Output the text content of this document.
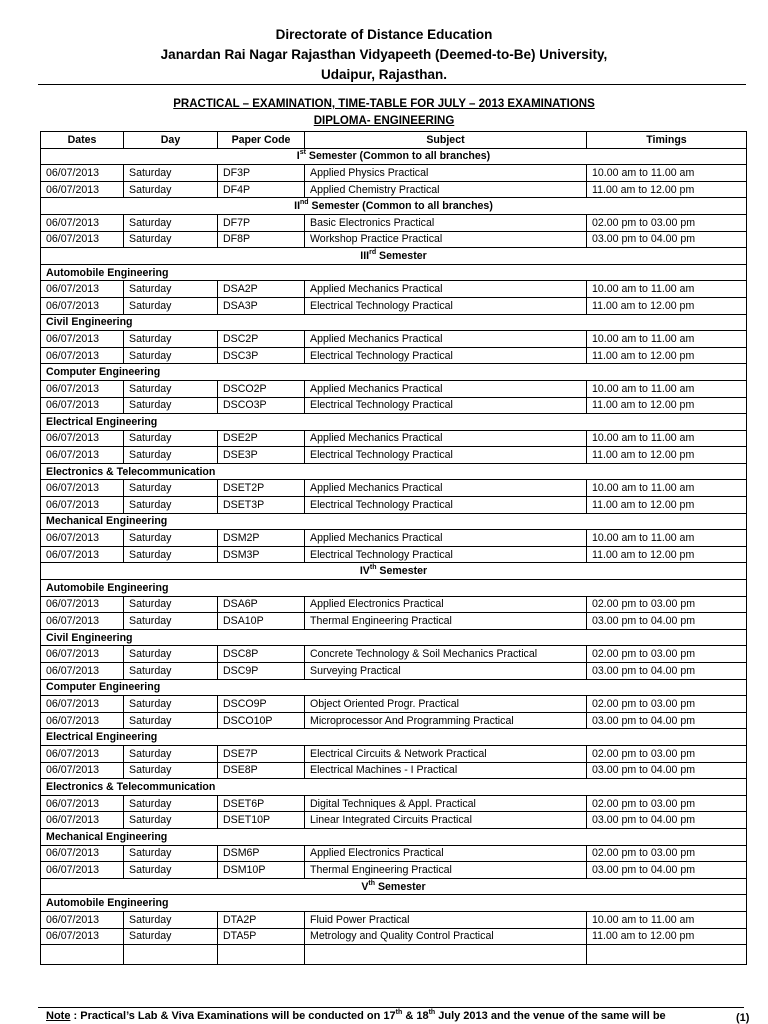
Directorate of Distance Education
Janardan Rai Nagar Rajasthan Vidyapeeth (Deemed-to-Be) University,
Udaipur, Rajasthan.
PRACTICAL – EXAMINATION, TIME-TABLE FOR JULY – 2013 EXAMINATIONS
DIPLOMA- ENGINEERING
Dates	Day	Paper Code	Subject	Timings
Ist Semester (Common to all branches)				
06/07/2013	Saturday	DF3P	Applied Physics Practical	10.00 am to 11.00 am
06/07/2013	Saturday	DF4P	Applied Chemistry Practical	11.00 am to 12.00 pm
IInd Semester (Common to all branches)				
06/07/2013	Saturday	DF7P	Basic Electronics Practical	02.00 pm to 03.00 pm
06/07/2013	Saturday	DF8P	Workshop Practice Practical	03.00 pm to 04.00 pm
IIIrd Semester				
Automobile Engineering				
06/07/2013	Saturday	DSA2P	Applied Mechanics Practical	10.00 am to 11.00 am
06/07/2013	Saturday	DSA3P	Electrical Technology Practical	11.00 am to 12.00 pm
Civil Engineering				
06/07/2013	Saturday	DSC2P	Applied Mechanics Practical	10.00 am to 11.00 am
06/07/2013	Saturday	DSC3P	Electrical Technology Practical	11.00 am to 12.00 pm
Computer Engineering				
06/07/2013	Saturday	DSCO2P	Applied Mechanics Practical	10.00 am to 11.00 am
06/07/2013	Saturday	DSCO3P	Electrical Technology Practical	11.00 am to 12.00 pm
Electrical Engineering				
06/07/2013	Saturday	DSE2P	Applied Mechanics Practical	10.00 am to 11.00 am
06/07/2013	Saturday	DSE3P	Electrical Technology Practical	11.00 am to 12.00 pm
Electronics & Telecommunication				
06/07/2013	Saturday	DSET2P	Applied Mechanics Practical	10.00 am to 11.00 am
06/07/2013	Saturday	DSET3P	Electrical Technology Practical	11.00 am to 12.00 pm
Mechanical Engineering				
06/07/2013	Saturday	DSM2P	Applied Mechanics Practical	10.00 am to 11.00 am
06/07/2013	Saturday	DSM3P	Electrical Technology Practical	11.00 am to 12.00 pm
IVth Semester				
Automobile Engineering				
06/07/2013	Saturday	DSA6P	Applied Electronics Practical	02.00 pm to 03.00 pm
06/07/2013	Saturday	DSA10P	Thermal Engineering Practical	03.00 pm to 04.00 pm
Civil Engineering				
06/07/2013	Saturday	DSC8P	Concrete Technology & Soil Mechanics Practical	02.00 pm to 03.00 pm
06/07/2013	Saturday	DSC9P	Surveying Practical	03.00 pm to 04.00 pm
Computer Engineering				
06/07/2013	Saturday	DSCO9P	Object Oriented Progr. Practical	02.00 pm to 03.00 pm
06/07/2013	Saturday	DSCO10P	Microprocessor And Programming Practical	03.00 pm to 04.00 pm
Electrical Engineering				
06/07/2013	Saturday	DSE7P	Electrical Circuits & Network Practical	02.00 pm to 03.00 pm
06/07/2013	Saturday	DSE8P	Electrical Machines - I Practical	03.00 pm to 04.00 pm
Electronics & Telecommunication				
06/07/2013	Saturday	DSET6P	Digital Techniques & Appl. Practical	02.00 pm to 03.00 pm
06/07/2013	Saturday	DSET10P	Linear Integrated Circuits Practical	03.00 pm to 04.00 pm
Mechanical Engineering				
06/07/2013	Saturday	DSM6P	Applied Electronics Practical	02.00 pm to 03.00 pm
06/07/2013	Saturday	DSM10P	Thermal Engineering Practical	03.00 pm to 04.00 pm
Vth Semester				
Automobile Engineering				
06/07/2013	Saturday	DTA2P	Fluid Power Practical	10.00 am to 11.00 am
06/07/2013	Saturday	DTA5P	Metrology and Quality Control Practical	11.00 am to 12.00 pm

Note : Practical’s Lab & Viva Examinations will be conducted on 17th & 18th July 2013 and the venue of the same will be	(1)
